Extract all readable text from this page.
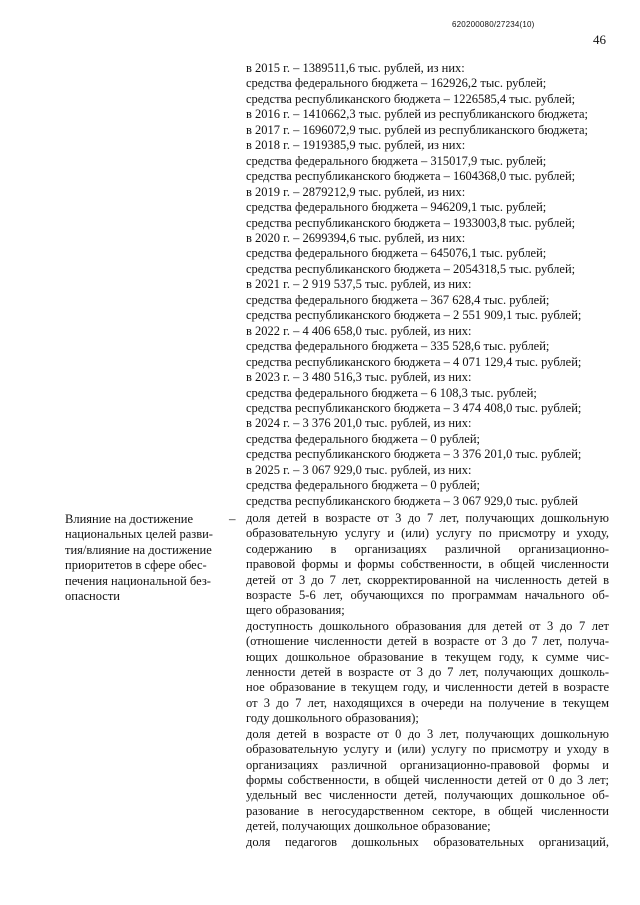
620200080/27234(10)
46
в 2015 г. – 1389511,6 тыс. рублей, из них:
средства федерального бюджета – 162926,2 тыс. рублей;
средства республиканского бюджета – 1226585,4 тыс. рублей;
в 2016 г. – 1410662,3 тыс. рублей из республиканского бюджета;
в 2017 г. – 1696072,9 тыс. рублей из республиканского бюджета;
в 2018 г. – 1919385,9 тыс. рублей, из них:
средства федерального бюджета – 315017,9 тыс. рублей;
средства республиканского бюджета – 1604368,0 тыс. рублей;
в 2019 г. – 2879212,9 тыс. рублей, из них:
средства федерального бюджета – 946209,1 тыс. рублей;
средства республиканского бюджета – 1933003,8 тыс. рублей;
в 2020 г. – 2699394,6 тыс. рублей, из них:
средства федерального бюджета – 645076,1 тыс. рублей;
средства республиканского бюджета – 2054318,5 тыс. рублей;
в 2021 г. – 2 919 537,5 тыс. рублей, из них:
средства федерального бюджета – 367 628,4 тыс. рублей;
средства республиканского бюджета – 2 551 909,1 тыс. рублей;
в 2022 г. – 4 406 658,0 тыс. рублей, из них:
средства федерального бюджета – 335 528,6 тыс. рублей;
средства республиканского бюджета – 4 071 129,4 тыс. рублей;
в 2023 г. – 3 480 516,3 тыс. рублей, из них:
средства федерального бюджета – 6 108,3 тыс. рублей;
средства республиканского бюджета – 3 474 408,0 тыс. рублей;
в 2024 г. – 3 376 201,0 тыс. рублей, из них:
средства федерального бюджета – 0 рублей;
средства республиканского бюджета – 3 376 201,0 тыс. рублей;
в 2025 г. – 3 067 929,0 тыс. рублей, из них:
средства федерального бюджета – 0 рублей;
средства республиканского бюджета – 3 067 929,0 тыс. рублей
Влияние на достижение
национальных целей разви-
тия/влияние на достижение
приоритетов в сфере обес-
печения национальной без-
опасности
– доля детей в возрасте от 3 до 7 лет, получающих дошкольную
образовательную услугу и (или) услугу по присмотру и уходу,
содержанию в организациях различной организационно-
правовой формы и формы собственности, в общей численности
детей от 3 до 7 лет, скорректированной на численность детей в
возрасте 5-6 лет, обучающихся по программам начального об-
щего образования;
доступность дошкольного образования для детей от 3 до 7 лет
(отношение численности детей в возрасте от 3 до 7 лет, получа-
ющих дошкольное образование в текущем году, к сумме чис-
ленности детей в возрасте от 3 до 7 лет, получающих дошколь-
ное образование в текущем году, и численности детей в возрасте
от 3 до 7 лет, находящихся в очереди на получение в текущем
году дошкольного образования);
доля детей в возрасте от 0 до 3 лет, получающих дошкольную
образовательную услугу и (или) услугу по присмотру и уходу в
организациях различной организационно-правовой формы и
формы собственности, в общей численности детей от 0 до 3 лет;
удельный вес численности детей, получающих дошкольное об-
разование в негосударственном секторе, в общей численности
детей, получающих дошкольное образование;
доля педагогов дошкольных образовательных организаций,
